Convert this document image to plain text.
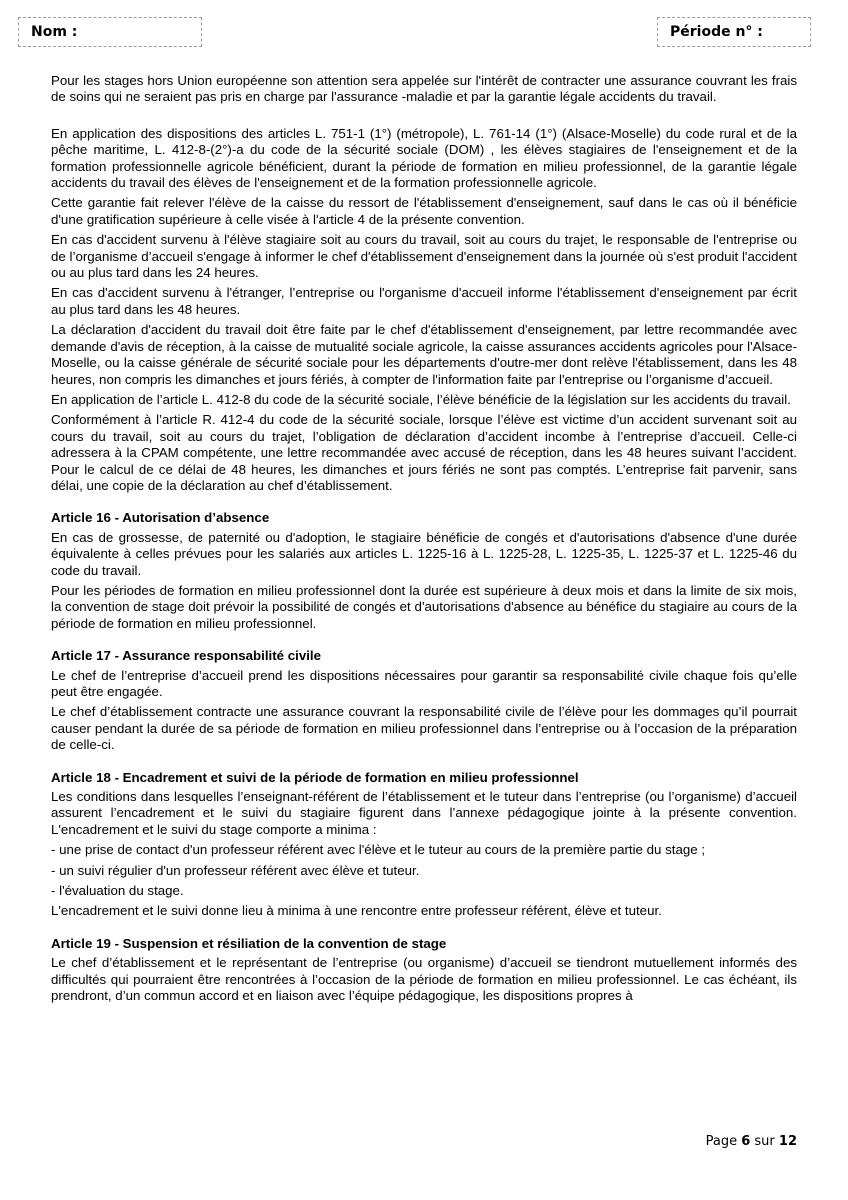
Nom :	Période n° :

Pour les stages hors Union européenne son attention sera appelée sur l'intérêt de contracter une assurance couvrant les frais de soins qui ne seraient pas pris en charge par l'assurance -maladie et par la garantie légale accidents du travail.

En application des dispositions des articles L. 751-1 (1°) (métropole), L. 761-14 (1°) (Alsace-Moselle) du code rural et de la pêche maritime, L. 412-8-(2°)-a du code de la sécurité sociale (DOM) , les élèves stagiaires de l'enseignement et de la formation professionnelle agricole bénéficient, durant la période de formation en milieu professionnel, de la garantie légale accidents du travail des élèves de l'enseignement et de la formation professionnelle agricole.

Cette garantie fait relever l'élève de la caisse du ressort de l'établissement d'enseignement, sauf dans le cas où il bénéficie d'une gratification supérieure à celle visée à l'article 4 de la présente convention.

En cas d'accident survenu à l'élève stagiaire soit au cours du travail, soit au cours du trajet, le responsable de l'entreprise ou de l’organisme d’accueil s'engage à informer le chef d'établissement d'enseignement dans la journée où s'est produit l'accident ou au plus tard dans les 24 heures.

En cas d'accident survenu à l'étranger, l’entreprise ou l'organisme d'accueil informe l'établissement d'enseignement par écrit au plus tard dans les 48 heures.

La déclaration d'accident du travail doit être faite par le chef d'établissement d'enseignement, par lettre recommandée avec demande d'avis de réception, à la caisse de mutualité sociale agricole, la caisse assurances accidents agricoles pour l'Alsace-Moselle, ou la caisse générale de sécurité sociale pour les départements d'outre-mer dont relève l'établissement, dans les 48 heures, non compris les dimanches et jours fériés, à compter de l'information faite par l'entreprise ou l’organisme d’accueil.

En application de l’article L. 412-8 du code de la sécurité sociale, l’élève bénéficie de la législation sur les accidents du travail.

Conformément à l’article R. 412-4 du code de la sécurité sociale, lorsque l’élève est victime d’un accident survenant soit au cours du travail, soit au cours du trajet, l’obligation de déclaration d’accident incombe à l’entreprise d’accueil. Celle-ci adressera à la CPAM compétente, une lettre recommandée avec accusé de réception, dans les 48 heures suivant l’accident. Pour le calcul de ce délai de 48 heures, les dimanches et jours fériés ne sont pas comptés. L’entreprise fait parvenir, sans délai, une copie de la déclaration au chef d’établissement.

Article 16 - Autorisation d’absence

En cas de grossesse, de paternité ou d'adoption, le stagiaire bénéficie de congés et d'autorisations d'absence d'une durée équivalente à celles prévues pour les salariés aux articles L. 1225-16 à L. 1225-28, L. 1225-35, L. 1225-37 et L. 1225-46 du code du travail.

Pour les périodes de formation en milieu professionnel dont la durée est supérieure à deux mois et dans la limite de six mois, la convention de stage doit prévoir la possibilité de congés et d'autorisations d'absence au bénéfice du stagiaire au cours de la période de formation en milieu professionnel.

Article 17 - Assurance responsabilité civile

Le chef de l’entreprise d’accueil prend les dispositions nécessaires pour garantir sa responsabilité civile chaque fois qu’elle peut être engagée.

Le chef d’établissement contracte une assurance couvrant la responsabilité civile de l’élève pour les dommages qu’il pourrait causer pendant la durée de sa période de formation en milieu professionnel dans l’entreprise ou à l’occasion de la préparation de celle-ci.

Article 18 - Encadrement et suivi de la période de formation en milieu professionnel

Les conditions dans lesquelles l’enseignant-référent de l’établissement et le tuteur dans l’entreprise (ou l’organisme) d’accueil assurent l’encadrement et le suivi du stagiaire figurent dans l’annexe pédagogique jointe à la présente convention. L'encadrement et le suivi du stage comporte a minima :

- une prise de contact d'un professeur référent avec l'élève et le tuteur au cours de la première partie du stage ;

- un suivi régulier d'un professeur référent avec élève et tuteur.

- l'évaluation du stage.

L'encadrement et le suivi donne lieu à minima à une rencontre entre professeur référent, élève et tuteur.

Article 19 - Suspension et résiliation de la convention de stage

Le chef d’établissement et le représentant de l’entreprise (ou organisme) d’accueil se tiendront mutuellement informés des difficultés qui pourraient être rencontrées à l’occasion de la période de formation en milieu professionnel. Le cas échéant, ils prendront, d’un commun accord et en liaison avec l’équipe pédagogique, les dispositions propres à

Page 6 sur 12
